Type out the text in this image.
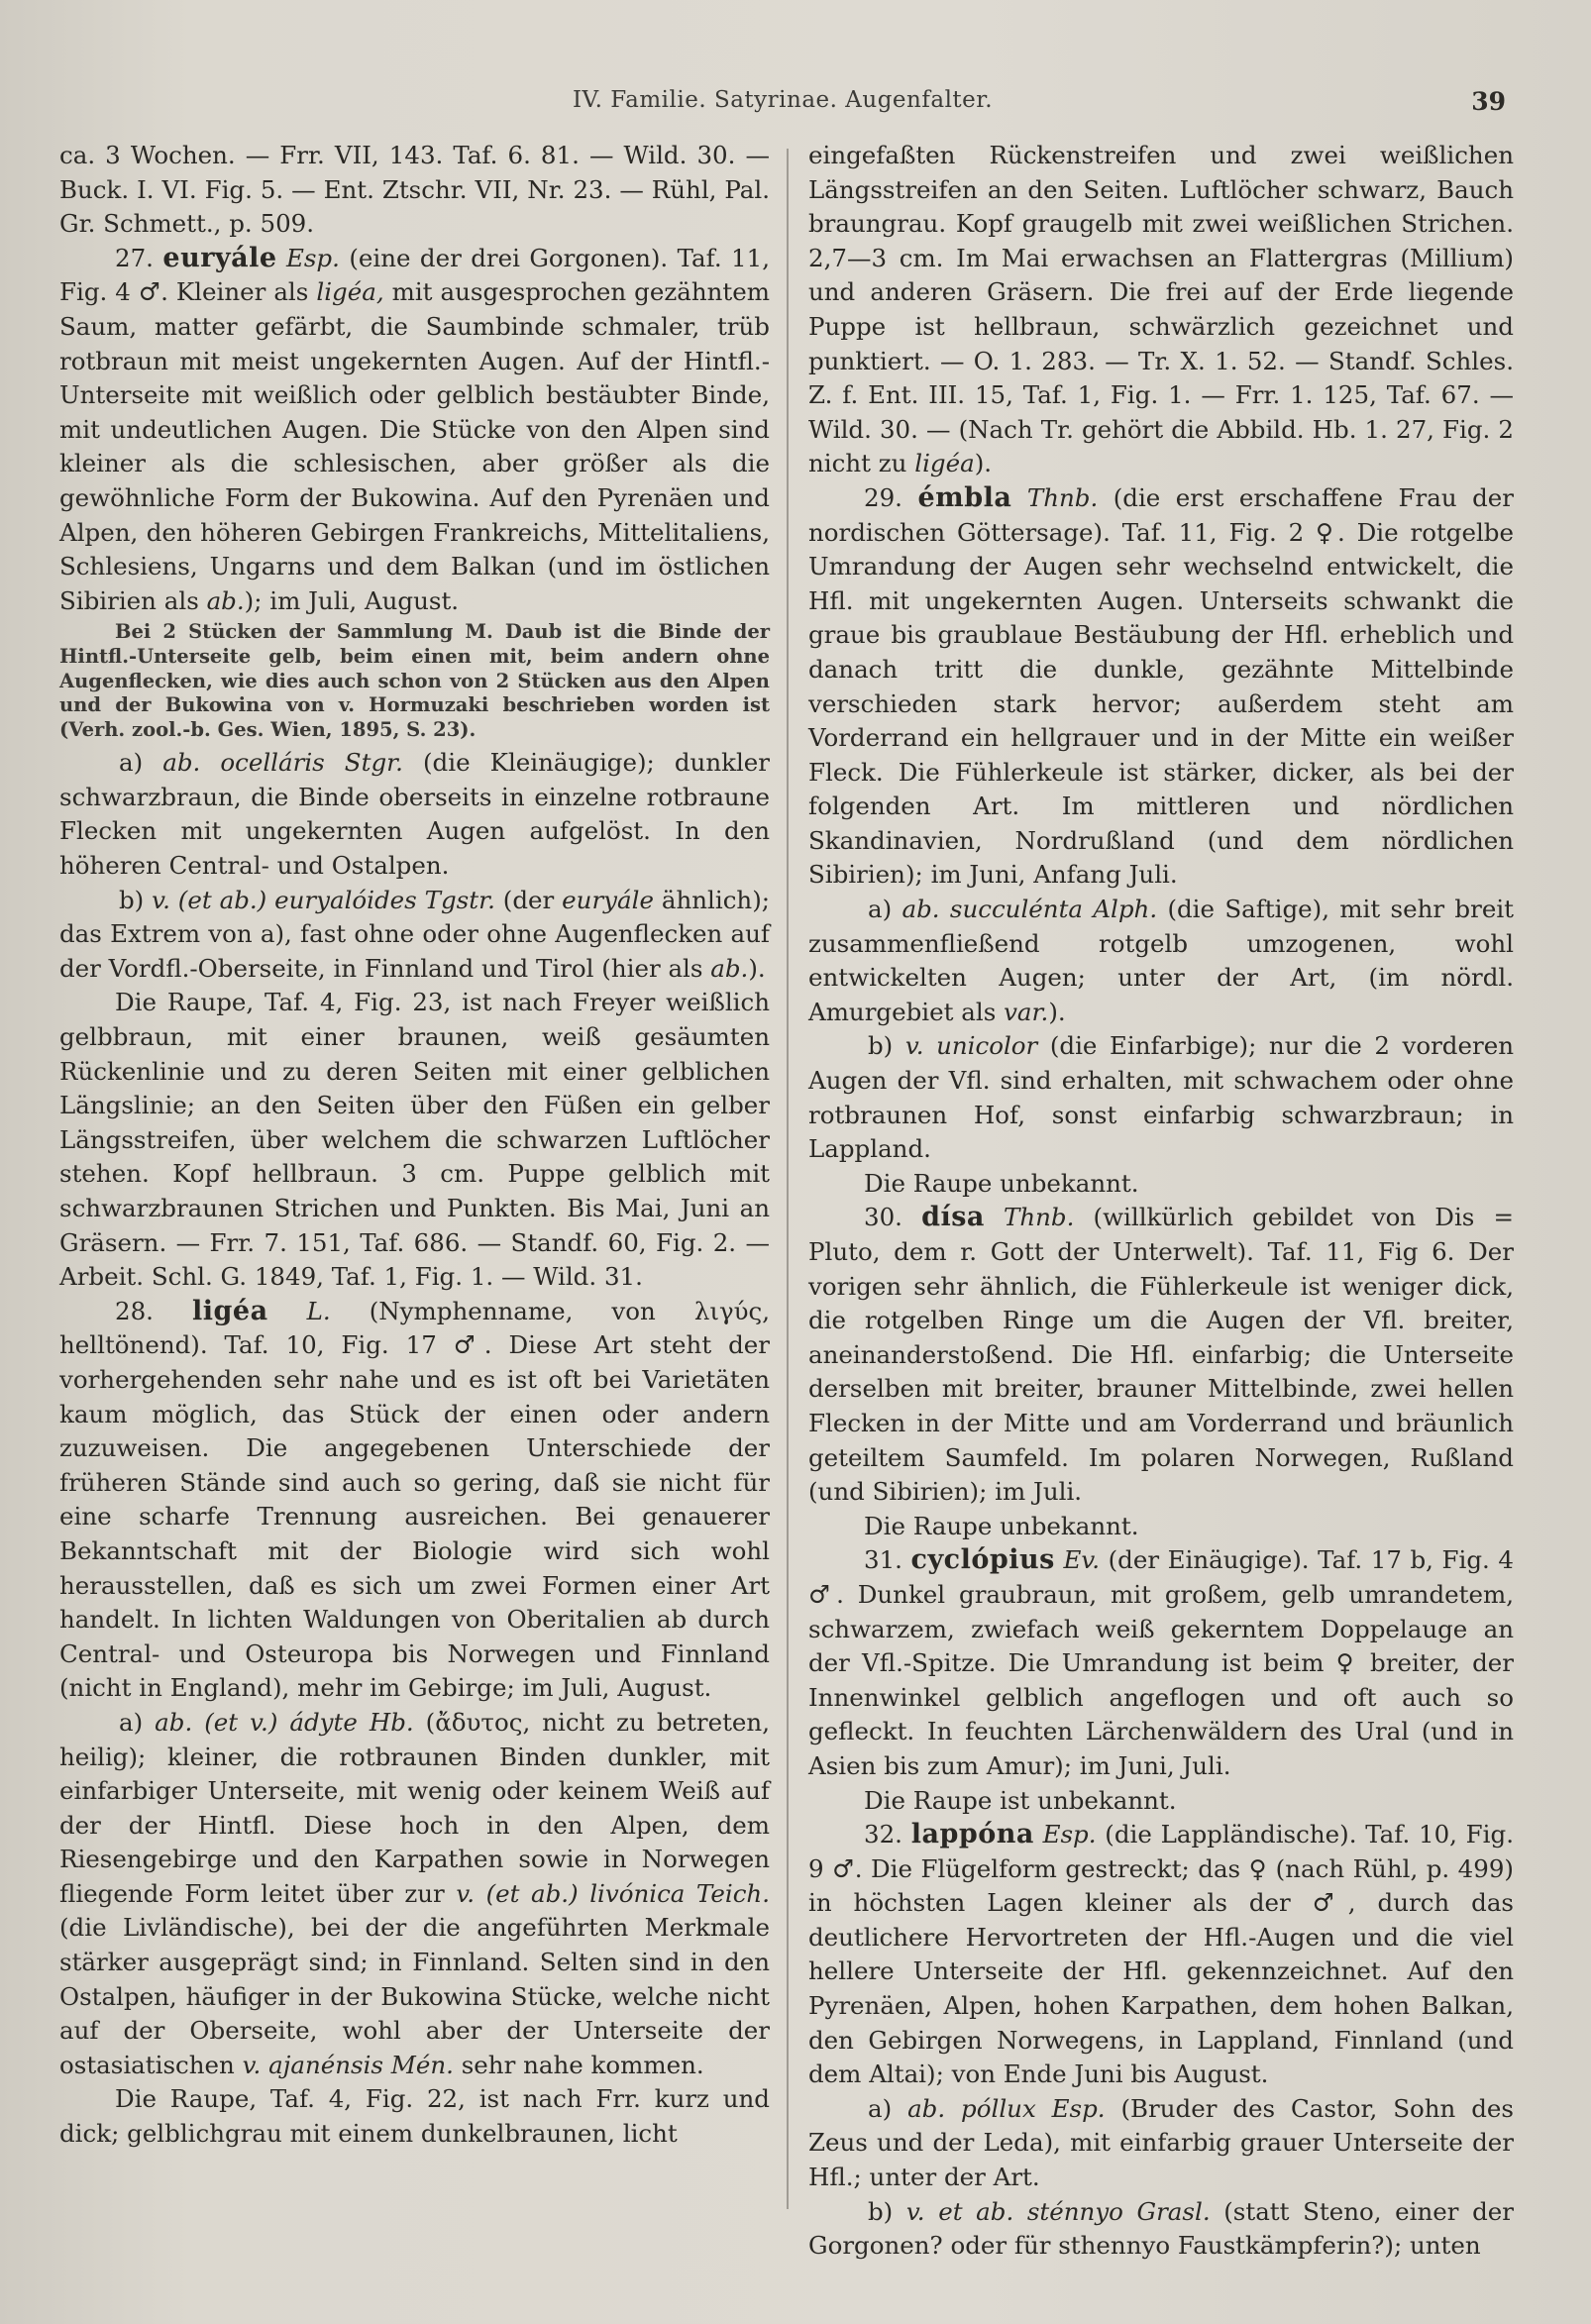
IV. Familie. Satyrinae. Augenfalter.	39

ca. 3 Wochen. — Frr. VII, 143. Taf. 6. 81. — Wild. 30. — Buck. I. VI. Fig. 5. — Ent. Ztschr. VII, Nr. 23. — Rühl, Pal. Gr. Schmett., p. 509.

27. euryále Esp. (eine der drei Gorgonen). Taf. 11, Fig. 4 ♂. Kleiner als ligéa, mit ausgesprochen gezähntem Saum, matter gefärbt, die Saumbinde schmaler, trüb rotbraun mit meist ungekernten Augen. Auf der Hintfl.-Unterseite mit weißlich oder gelblich bestäubter Binde, mit undeutlichen Augen. Die Stücke von den Alpen sind kleiner als die schlesischen, aber größer als die gewöhnliche Form der Bukowina. Auf den Pyrenäen und Alpen, den höheren Gebirgen Frankreichs, Mittelitaliens, Schlesiens, Ungarns und dem Balkan (und im östlichen Sibirien als ab.); im Juli, August.

Bei 2 Stücken der Sammlung M. Daub ist die Binde der Hintfl.-Unterseite gelb, beim einen mit, beim andern ohne Augenflecken, wie dies auch schon von 2 Stücken aus den Alpen und der Bukowina von v. Hormuzaki beschrieben worden ist (Verh. zool.-b. Ges. Wien, 1895, S. 23).

a) ab. ocelláris Stgr. (die Kleinäugige); dunkler schwarzbraun, die Binde oberseits in einzelne rotbraune Flecken mit ungekernten Augen aufgelöst. In den höheren Central- und Ostalpen.

b) v. (et ab.) euryalóides Tgstr. (der euryále ähnlich); das Extrem von a), fast ohne oder ohne Augenflecken auf der Vordfl.-Oberseite, in Finnland und Tirol (hier als ab.).

Die Raupe, Taf. 4, Fig. 23, ist nach Freyer weißlich gelbbraun, mit einer braunen, weiß gesäumten Rückenlinie und zu deren Seiten mit einer gelblichen Längslinie; an den Seiten über den Füßen ein gelber Längsstreifen, über welchem die schwarzen Luftlöcher stehen. Kopf hellbraun. 3 cm. Puppe gelblich mit schwarzbraunen Strichen und Punkten. Bis Mai, Juni an Gräsern. — Frr. 7. 151, Taf. 686. — Standf. 60, Fig. 2. — Arbeit. Schl. G. 1849, Taf. 1, Fig. 1. — Wild. 31.

28. ligéa L. (Nymphenname, von λιγύς, helltönend). Taf. 10, Fig. 17 ♂. Diese Art steht der vorhergehenden sehr nahe und es ist oft bei Varietäten kaum möglich, das Stück der einen oder andern zuzuweisen. Die angegebenen Unterschiede der früheren Stände sind auch so gering, daß sie nicht für eine scharfe Trennung ausreichen. Bei genauerer Bekanntschaft mit der Biologie wird sich wohl herausstellen, daß es sich um zwei Formen einer Art handelt. In lichten Waldungen von Oberitalien ab durch Central- und Osteuropa bis Norwegen und Finnland (nicht in England), mehr im Gebirge; im Juli, August.

a) ab. (et v.) ádyte Hb. (ἄδυτος, nicht zu betreten, heilig); kleiner, die rotbraunen Binden dunkler, mit einfarbiger Unterseite, mit wenig oder keinem Weiß auf der der Hintfl. Diese hoch in den Alpen, dem Riesengebirge und den Karpathen sowie in Norwegen fliegende Form leitet über zur v. (et ab.) livónica Teich. (die Livländische), bei der die angeführten Merkmale stärker ausgeprägt sind; in Finnland. Selten sind in den Ostalpen, häufiger in der Bukowina Stücke, welche nicht auf der Oberseite, wohl aber der Unterseite der ostasiatischen v. ajanénsis Mén. sehr nahe kommen.

Die Raupe, Taf. 4, Fig. 22, ist nach Frr. kurz und dick; gelblichgrau mit einem dunkelbraunen, licht

eingefaßten Rückenstreifen und zwei weißlichen Längsstreifen an den Seiten. Luftlöcher schwarz, Bauch braungrau. Kopf graugelb mit zwei weißlichen Strichen. 2,7—3 cm. Im Mai erwachsen an Flattergras (Millium) und anderen Gräsern. Die frei auf der Erde liegende Puppe ist hellbraun, schwärzlich gezeichnet und punktiert. — O. 1. 283. — Tr. X. 1. 52. — Standf. Schles. Z. f. Ent. III. 15, Taf. 1, Fig. 1. — Frr. 1. 125, Taf. 67. — Wild. 30. — (Nach Tr. gehört die Abbild. Hb. 1. 27, Fig. 2 nicht zu ligéa).

29. émbla Thnb. (die erst erschaffene Frau der nordischen Göttersage). Taf. 11, Fig. 2 ♀. Die rotgelbe Umrandung der Augen sehr wechselnd entwickelt, die Hfl. mit ungekernten Augen. Unterseits schwankt die graue bis graublaue Bestäubung der Hfl. erheblich und danach tritt die dunkle, gezähnte Mittelbinde verschieden stark hervor; außerdem steht am Vorderrand ein hellgrauer und in der Mitte ein weißer Fleck. Die Fühlerkeule ist stärker, dicker, als bei der folgenden Art. Im mittleren und nördlichen Skandinavien, Nordrußland (und dem nördlichen Sibirien); im Juni, Anfang Juli.

a) ab. succulénta Alph. (die Saftige), mit sehr breit zusammenfließend rotgelb umzogenen, wohl entwickelten Augen; unter der Art, (im nördl. Amurgebiet als var.).

b) v. unicolor (die Einfarbige); nur die 2 vorderen Augen der Vfl. sind erhalten, mit schwachem oder ohne rotbraunen Hof, sonst einfarbig schwarzbraun; in Lappland.

Die Raupe unbekannt.

30. dísa Thnb. (willkürlich gebildet von Dis = Pluto, dem r. Gott der Unterwelt). Taf. 11, Fig 6. Der vorigen sehr ähnlich, die Fühlerkeule ist weniger dick, die rotgelben Ringe um die Augen der Vfl. breiter, aneinanderstoßend. Die Hfl. einfarbig; die Unterseite derselben mit breiter, brauner Mittelbinde, zwei hellen Flecken in der Mitte und am Vorderrand und bräunlich geteiltem Saumfeld. Im polaren Norwegen, Rußland (und Sibirien); im Juli.

Die Raupe unbekannt.

31. cyclópius Ev. (der Einäugige). Taf. 17 b, Fig. 4 ♂. Dunkel graubraun, mit großem, gelb umrandetem, schwarzem, zwiefach weiß gekerntem Doppelauge an der Vfl.-Spitze. Die Umrandung ist beim ♀ breiter, der Innenwinkel gelblich angeflogen und oft auch so gefleckt. In feuchten Lärchenwäldern des Ural (und in Asien bis zum Amur); im Juni, Juli.

Die Raupe ist unbekannt.

32. lappóna Esp. (die Lappländische). Taf. 10, Fig. 9 ♂. Die Flügelform gestreckt; das ♀ (nach Rühl, p. 499) in höchsten Lagen kleiner als der ♂, durch das deutlichere Hervortreten der Hfl.-Augen und die viel hellere Unterseite der Hfl. gekennzeichnet. Auf den Pyrenäen, Alpen, hohen Karpathen, dem hohen Balkan, den Gebirgen Norwegens, in Lappland, Finnland (und dem Altai); von Ende Juni bis August.

a) ab. póllux Esp. (Bruder des Castor, Sohn des Zeus und der Leda), mit einfarbig grauer Unterseite der Hfl.; unter der Art.

b) v. et ab. sténnyo Grasl. (statt Steno, einer der Gorgonen? oder für sthennyo Faustkämpferin?); unten
